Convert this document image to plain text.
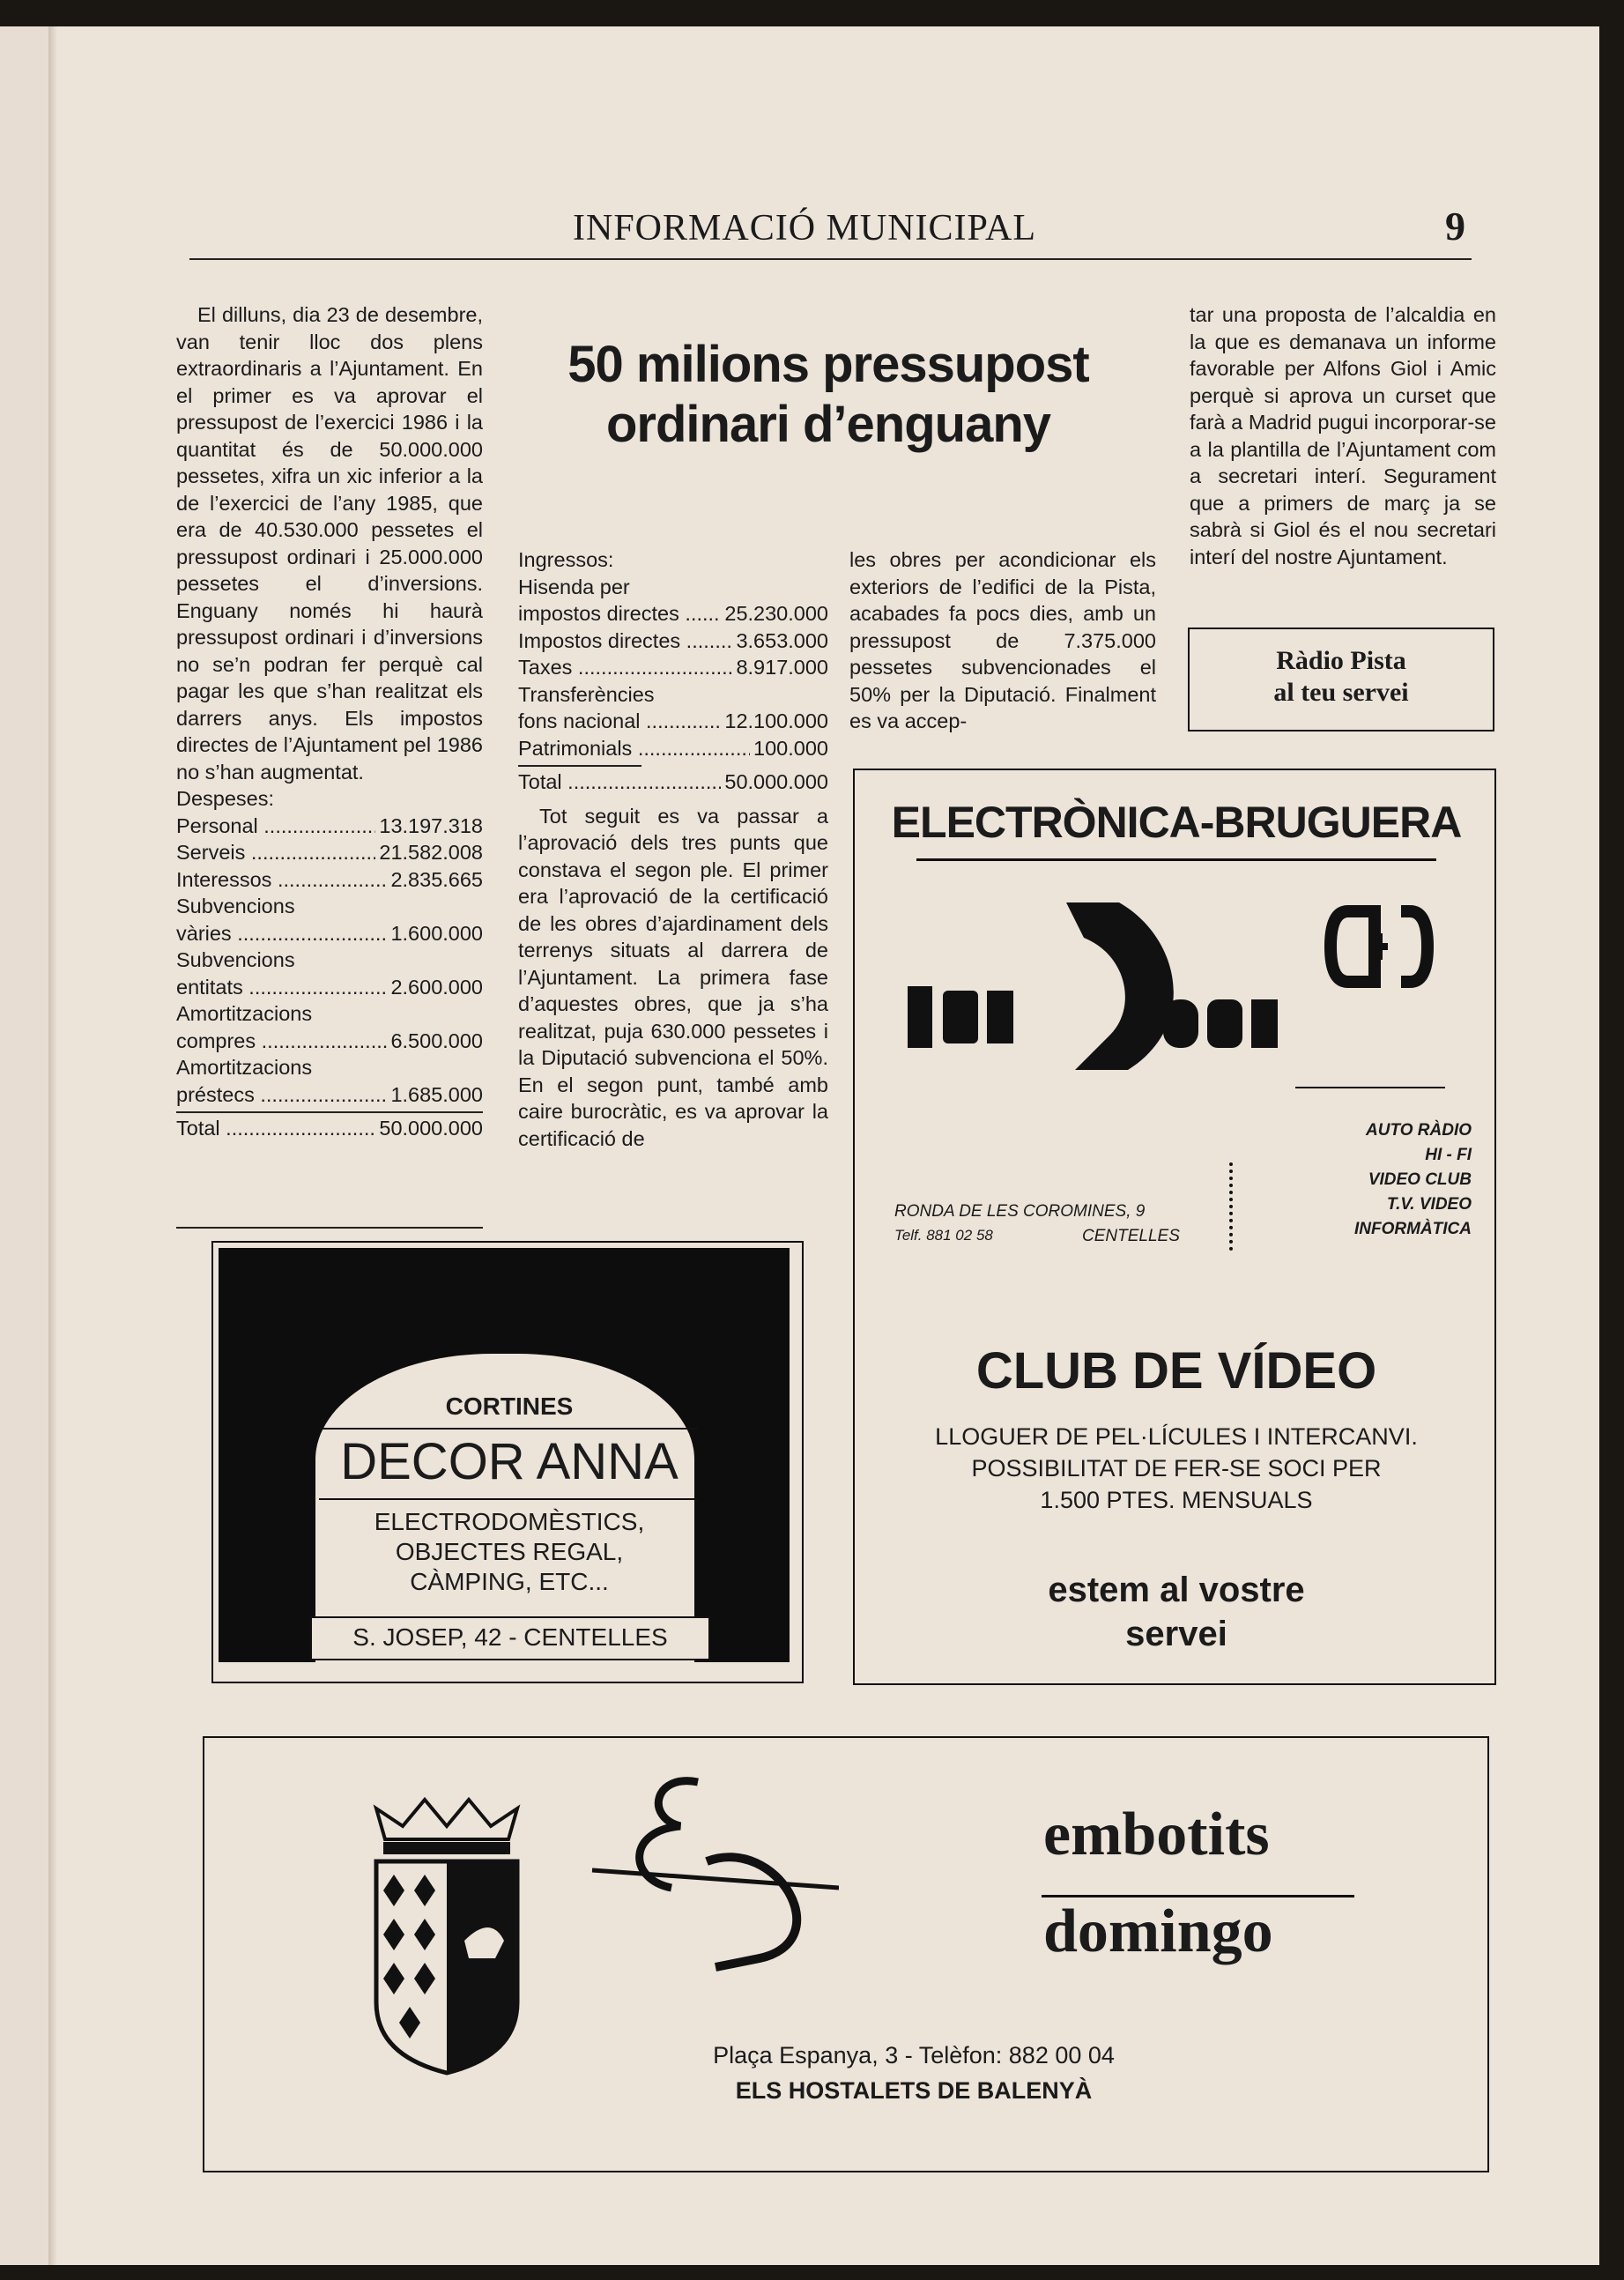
INFORMACIÓ MUNICIPAL	9
50 milions pressupost
ordinari d’enguany

El dilluns, dia 23 de desembre, van tenir lloc dos plens extraordinaris a l’Ajuntament. En el primer es va aprovar el pressupost de l’exercici 1986 i la quantitat és de 50.000.000 pessetes, xifra un xic inferior a la de l’exercici de l’any 1985, que era de 40.530.000 pessetes el pressupost ordinari i 25.000.000 pessetes el d’inversions. Enguany només hi haurà pressupost ordinari i d’inversions no se’n podran fer perquè cal pagar les que s’han realitzat els darrers anys. Els impostos directes de l’Ajuntament pel 1986 no s’han augmentat.

Despeses:
Personal .....	13.197.318
Serveis .....	21.582.008
Interessos .....	2.835.665
Subvencions
vàries .....	1.600.000
Subvencions
entitats .....	2.600.000
Amortitzacions
compres .....	6.500.000
Amortitzacions
préstecs .....	1.685.000
Total .....	50.000.000
Ingressos:
Hisenda per
impostos directes .....	25.230.000
Impostos directes .....	3.653.000
Taxes .....	8.917.000
Transferències
fons nacional .....	12.100.000
Patrimonials .....	100.000
Total .....	50.000.000

Tot seguit es va passar a l’aprovació dels tres punts que constava el segon ple. El primer era l’aprovació de la certificació de les obres d’ajardinament dels terrenys situats al darrera de l’Ajuntament. La primera fase d’aquestes obres, que ja s’ha realitzat, puja 630.000 pessetes i la Diputació subvenciona el 50%. En el segon punt, també amb caire burocràtic, es va aprovar la certificació de

les obres per acondicionar els exteriors de l’edifici de la Pista, acabades fa pocs dies, amb un pressupost de 7.375.000 pessetes subvencionades el 50% per la Diputació. Finalment es va accep-

tar una proposta de l’alcaldia en la que es demanava un informe favorable per Alfons Giol i Amic perquè si aprova un curset que farà a Madrid pugui incorporar-se a la plantilla de l’Ajuntament com a secretari interí. Segurament que a primers de març ja se sabrà si Giol és el nou secretari interí del nostre Ajuntament.

Ràdio Pista
al teu servei
ELECTRÒNICA-BRUGUERA
AUTO RÀDIO
HI - FI
VIDEO CLUB
T.V. VIDEO
INFORMÀTICA
RONDA DE LES COROMINES, 9
Telf. 881 02 58	CENTELLES
CLUB DE VÍDEO
LLOGUER DE PEL·LÍCULES I INTERCANVI.
POSSIBILITAT DE FER-SE SOCI PER
1.500 PTES. MENSUALS
estem al vostre
servei
CORTINES
DECOR ANNA
ELECTRODOMÈSTICS,
OBJECTES REGAL,
CÀMPING, ETC...
S. JOSEP, 42 - CENTELLES
embotits
domingo
Plaça Espanya, 3 - Telèfon: 882 00 04
ELS HOSTALETS DE BALENYÀ
